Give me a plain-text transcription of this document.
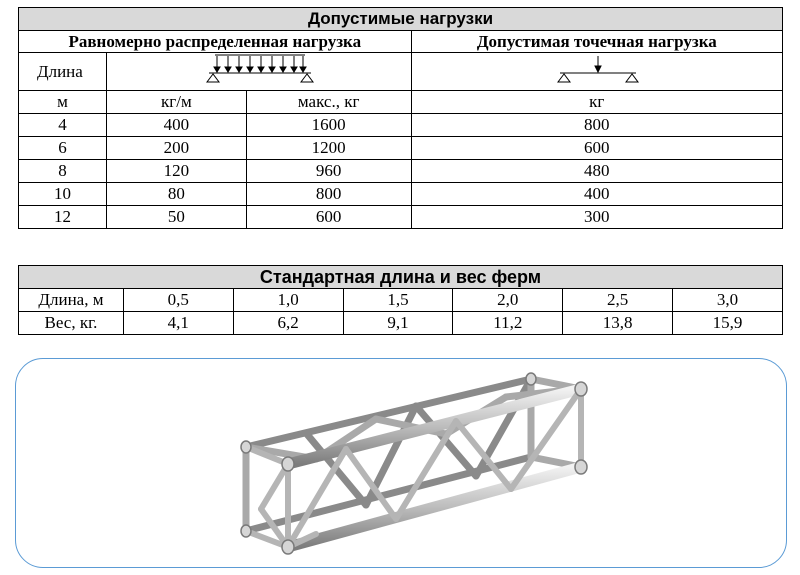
Допустимые нагрузки			
Равномерно распределенная нагрузка			Допустимая точечная нагрузка
Длина		
м	кг/м	макс., кг	кг
4	400	1600	800
6	200	1200	600
8	120	960	480
10	80	800	400
12	50	600	300
Стандартная длина и вес ферм						
Длина, м	0,5	1,0	1,5	2,0	2,5	3,0
Вес, кг.	4,1	6,2	9,1	11,2	13,8	15,9
